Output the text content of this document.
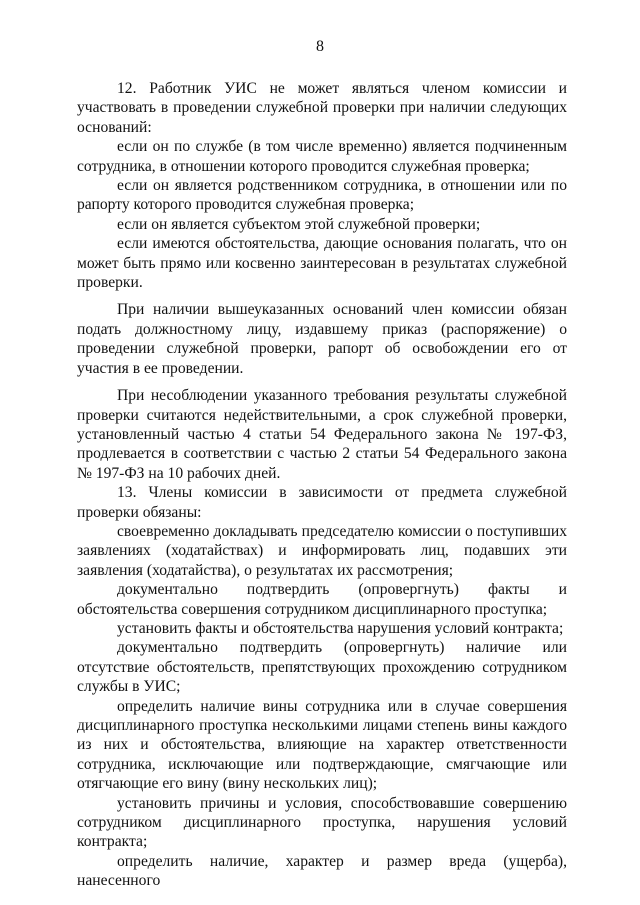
8

12. Работник УИС не может являться членом комиссии и участвовать в проведении служебной проверки при наличии следующих оснований:

если он по службе (в том числе временно) является подчиненным сотрудника, в отношении которого проводится служебная проверка;

если он является родственником сотрудника, в отношении или по рапорту которого проводится служебная проверка;

если он является субъектом этой служебной проверки;

если имеются обстоятельства, дающие основания полагать, что он может быть прямо или косвенно заинтересован в результатах служебной проверки.

При наличии вышеуказанных оснований член комиссии обязан подать должностному лицу, издавшему приказ (распоряжение) о проведении служебной проверки, рапорт об освобождении его от участия в ее проведении.

При несоблюдении указанного требования результаты служебной проверки считаются недействительными, а срок служебной проверки, установленный частью 4 статьи 54 Федерального закона № 197-ФЗ, продлевается в соответствии с частью 2 статьи 54 Федерального закона № 197-ФЗ на 10 рабочих дней.

13. Члены комиссии в зависимости от предмета служебной проверки обязаны:

своевременно докладывать председателю комиссии о поступивших заявлениях (ходатайствах) и информировать лиц, подавших эти заявления (ходатайства), о результатах их рассмотрения;

документально подтвердить (опровергнуть) факты и обстоятельства совершения сотрудником дисциплинарного проступка;

установить факты и обстоятельства нарушения условий контракта;

документально подтвердить (опровергнуть) наличие или отсутствие обстоятельств, препятствующих прохождению сотрудником службы в УИС;

определить наличие вины сотрудника или в случае совершения дисциплинарного проступка несколькими лицами степень вины каждого из них и обстоятельства, влияющие на характер ответственности сотрудника, исключающие или подтверждающие, смягчающие или отягчающие его вину (вину нескольких лиц);

установить причины и условия, способствовавшие совершению сотрудником дисциплинарного проступка, нарушения условий контракта;

определить наличие, характер и размер вреда (ущерба), нанесенного
